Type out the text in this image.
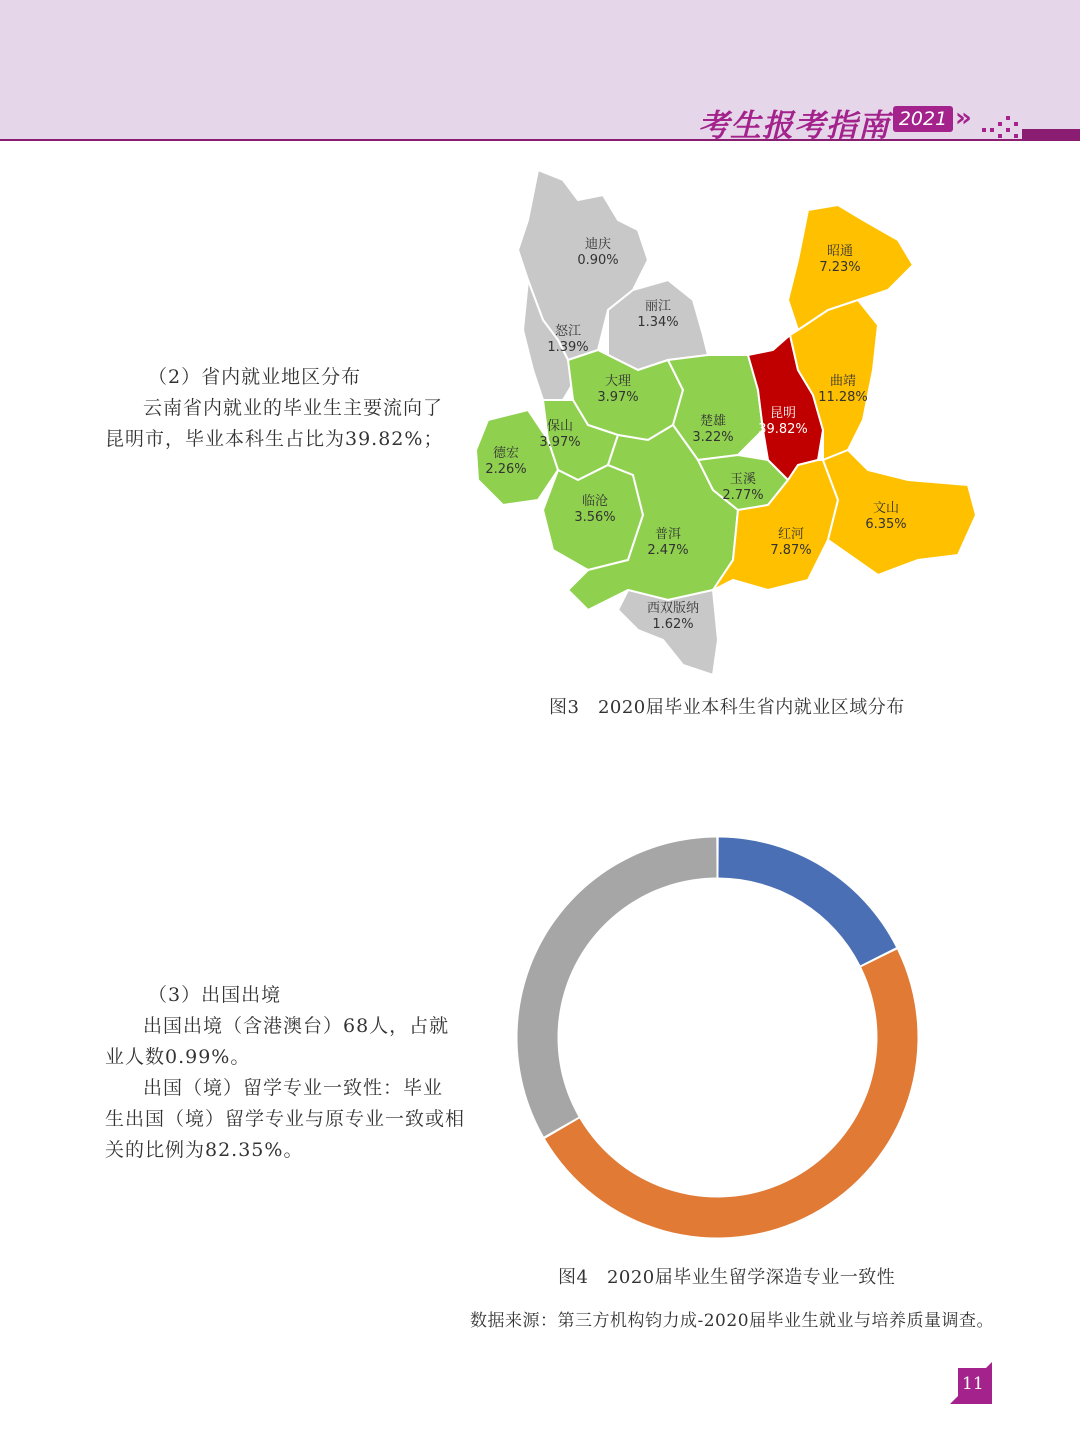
考生报考指南 2021 »
（2）省内就业地区分布
云南省内就业的毕业生主要流向了
昆明市，毕业本科生占比为39.82%；
迪庆
0.90%
丽江
1.34%
怒江
1.39%
大理
3.97%
保山
3.97%
德宏
2.26%
楚雄
3.22%
昆明
39.82%
曲靖
11.28%
昭通
7.23%
玉溪
2.77%
临沧
3.56%
普洱
2.47%
红河
7.87%
文山
6.35%
西双版纳
1.62%
图3　2020届毕业本科生省内就业区域分布
（3）出国出境
出国出境（含港澳台）68人，占就
业人数0.99%。
出国（境）留学专业一致性：毕业
生出国（境）留学专业与原专业一致或相
关的比例为82.35%。
图4　2020届毕业生留学深造专业一致性
数据来源：第三方机构钧力成-2020届毕业生就业与培养质量调查。
11
